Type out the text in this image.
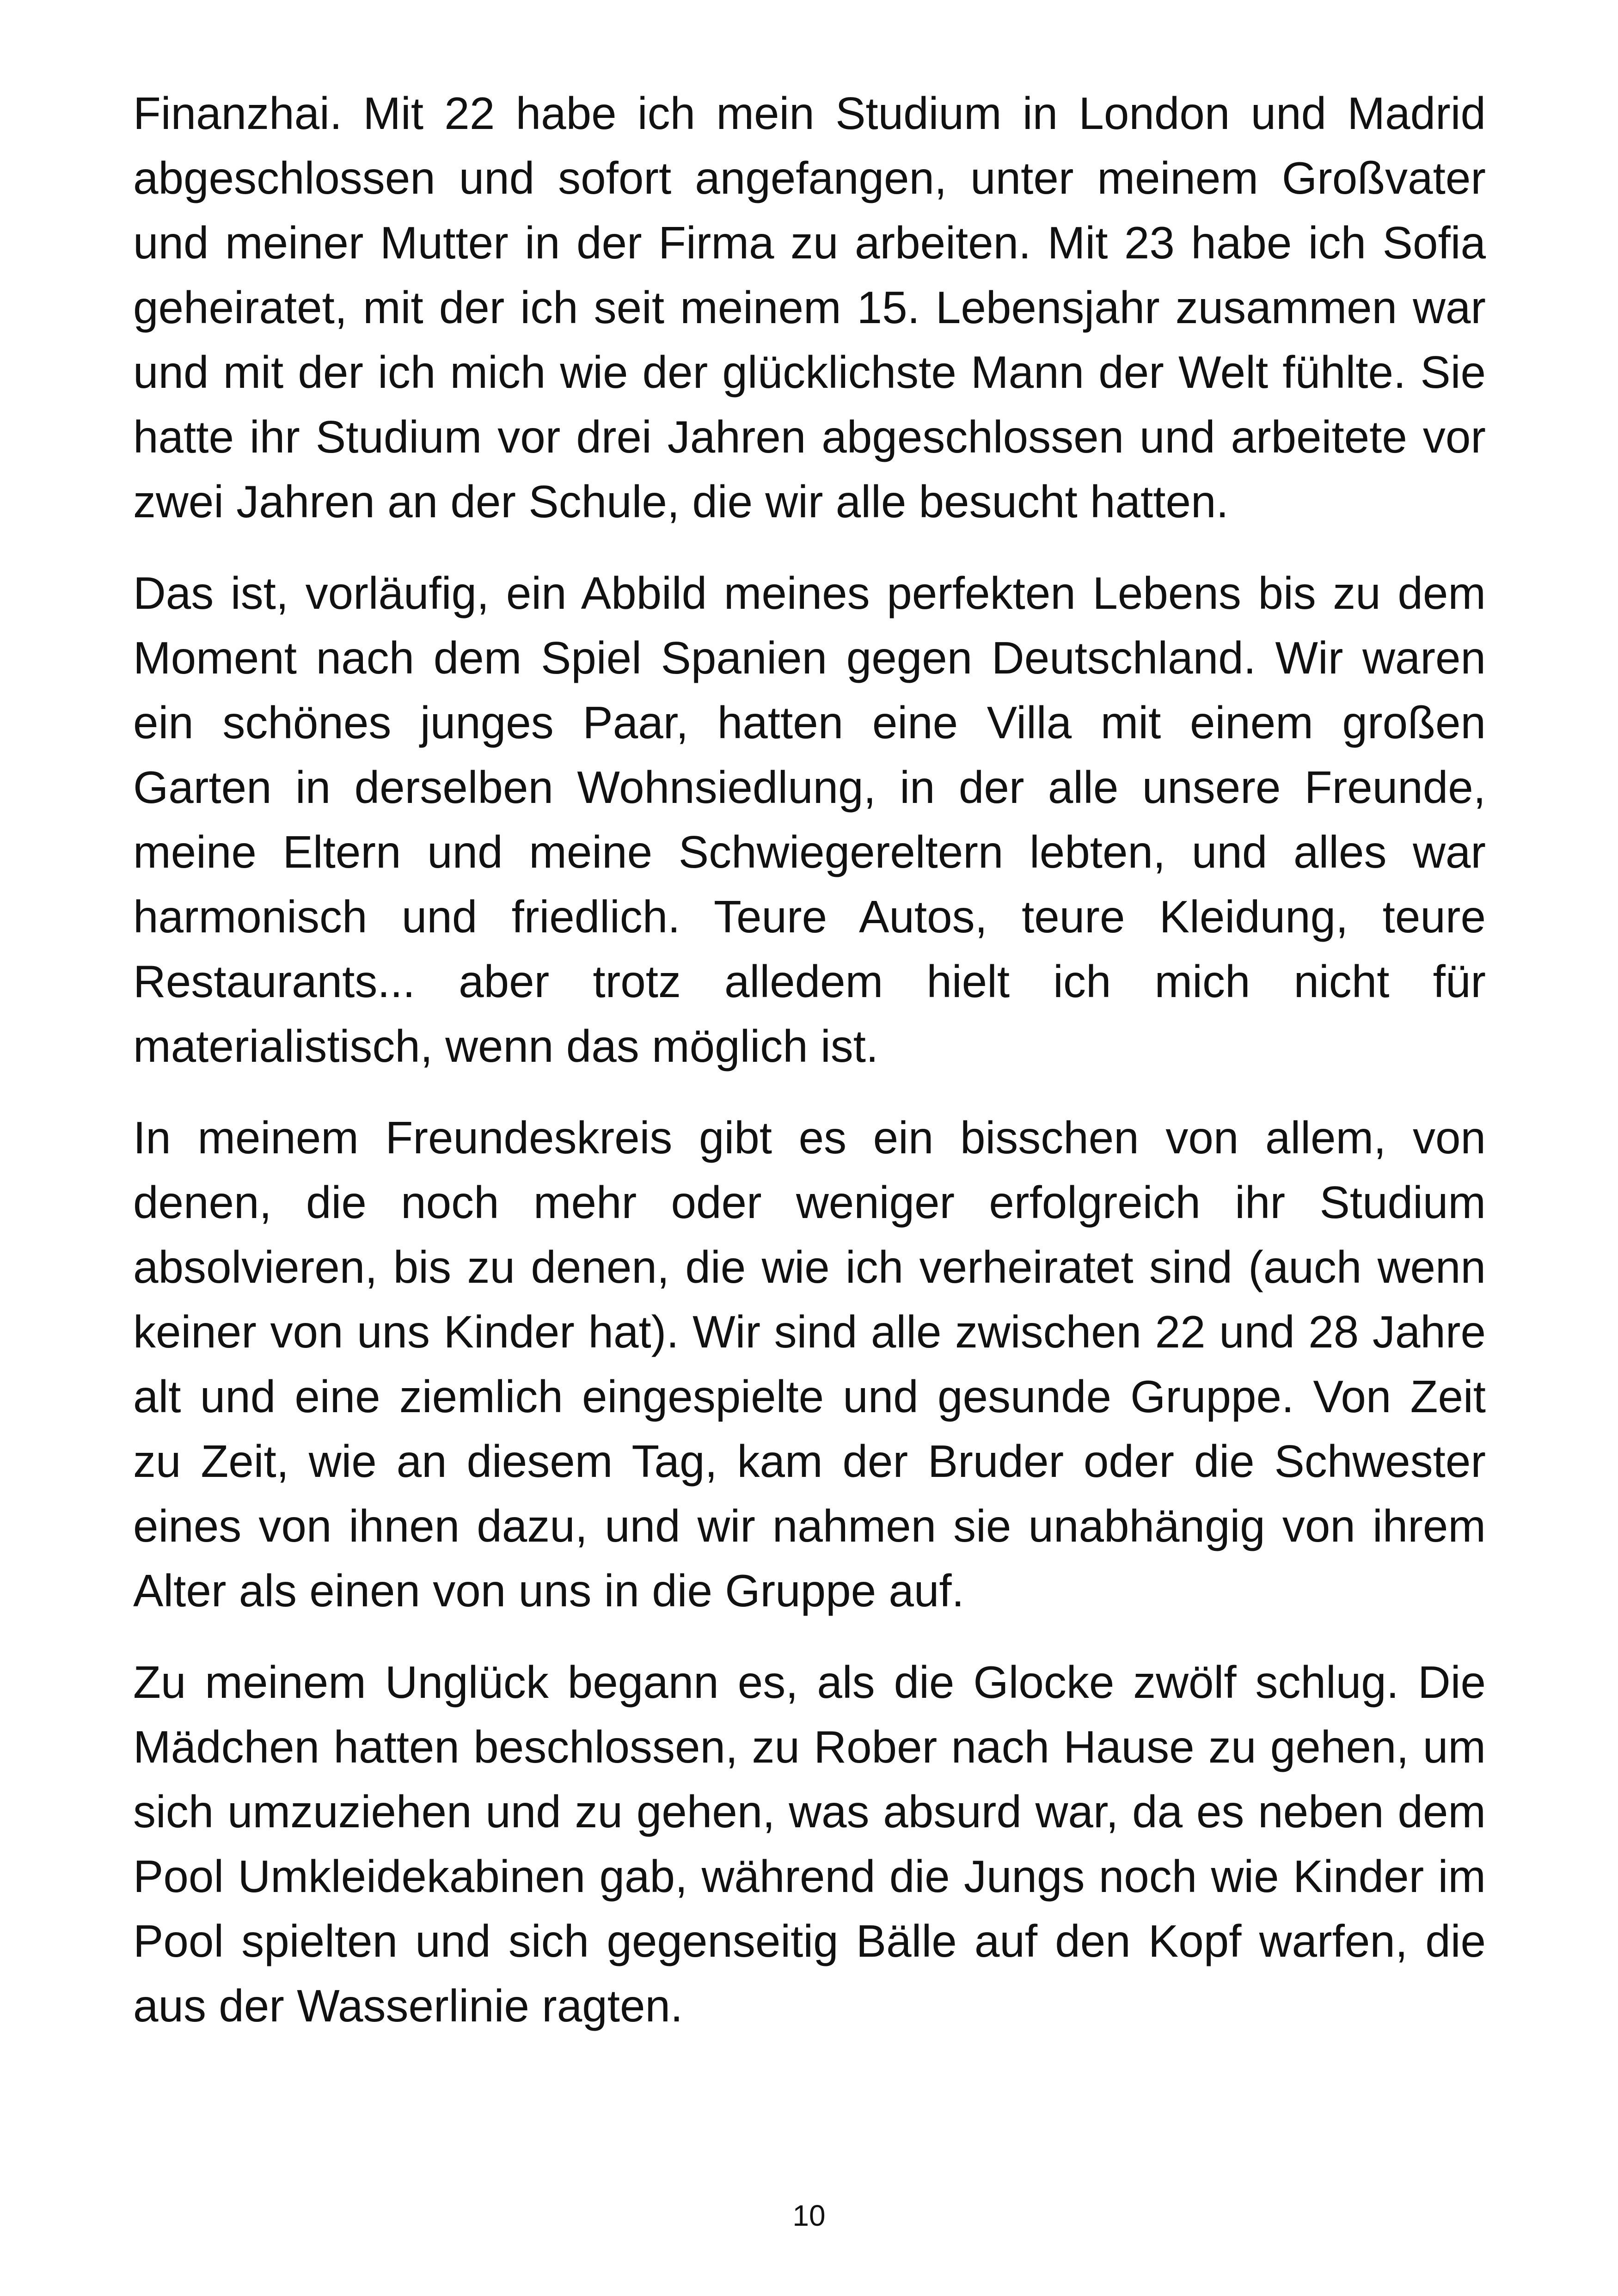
Finanzhai. Mit 22 habe ich mein Studium in London und Madrid abgeschlossen und sofort angefangen, unter meinem Großvater und meiner Mutter in der Firma zu arbeiten. Mit 23 habe ich Sofia geheiratet, mit der ich seit meinem 15. Lebensjahr zusammen war und mit der ich mich wie der glücklichste Mann der Welt fühlte. Sie hatte ihr Studium vor drei Jahren abgeschlossen und arbeitete vor zwei Jahren an der Schule, die wir alle besucht hatten.

Das ist, vorläufig, ein Abbild meines perfekten Lebens bis zu dem Moment nach dem Spiel Spanien gegen Deutschland. Wir waren ein schönes junges Paar, hatten eine Villa mit einem großen Garten in derselben Wohnsiedlung, in der alle unsere Freunde, meine Eltern und meine Schwiegereltern lebten, und alles war harmonisch und friedlich. Teure Autos, teure Kleidung, teure Restaurants... aber trotz alledem hielt ich mich nicht für materialistisch, wenn das möglich ist.

In meinem Freundeskreis gibt es ein bisschen von allem, von denen, die noch mehr oder weniger erfolgreich ihr Studium absolvieren, bis zu denen, die wie ich verheiratet sind (auch wenn keiner von uns Kinder hat). Wir sind alle zwischen 22 und 28 Jahre alt und eine ziemlich eingespielte und gesunde Gruppe. Von Zeit zu Zeit, wie an diesem Tag, kam der Bruder oder die Schwester eines von ihnen dazu, und wir nahmen sie unabhängig von ihrem Alter als einen von uns in die Gruppe auf.

Zu meinem Unglück begann es, als die Glocke zwölf schlug. Die Mädchen hatten beschlossen, zu Rober nach Hause zu gehen, um sich umzuziehen und zu gehen, was absurd war, da es neben dem Pool Umkleidekabinen gab, während die Jungs noch wie Kinder im Pool spielten und sich gegenseitig Bälle auf den Kopf warfen, die aus der Wasserlinie ragten.

10
